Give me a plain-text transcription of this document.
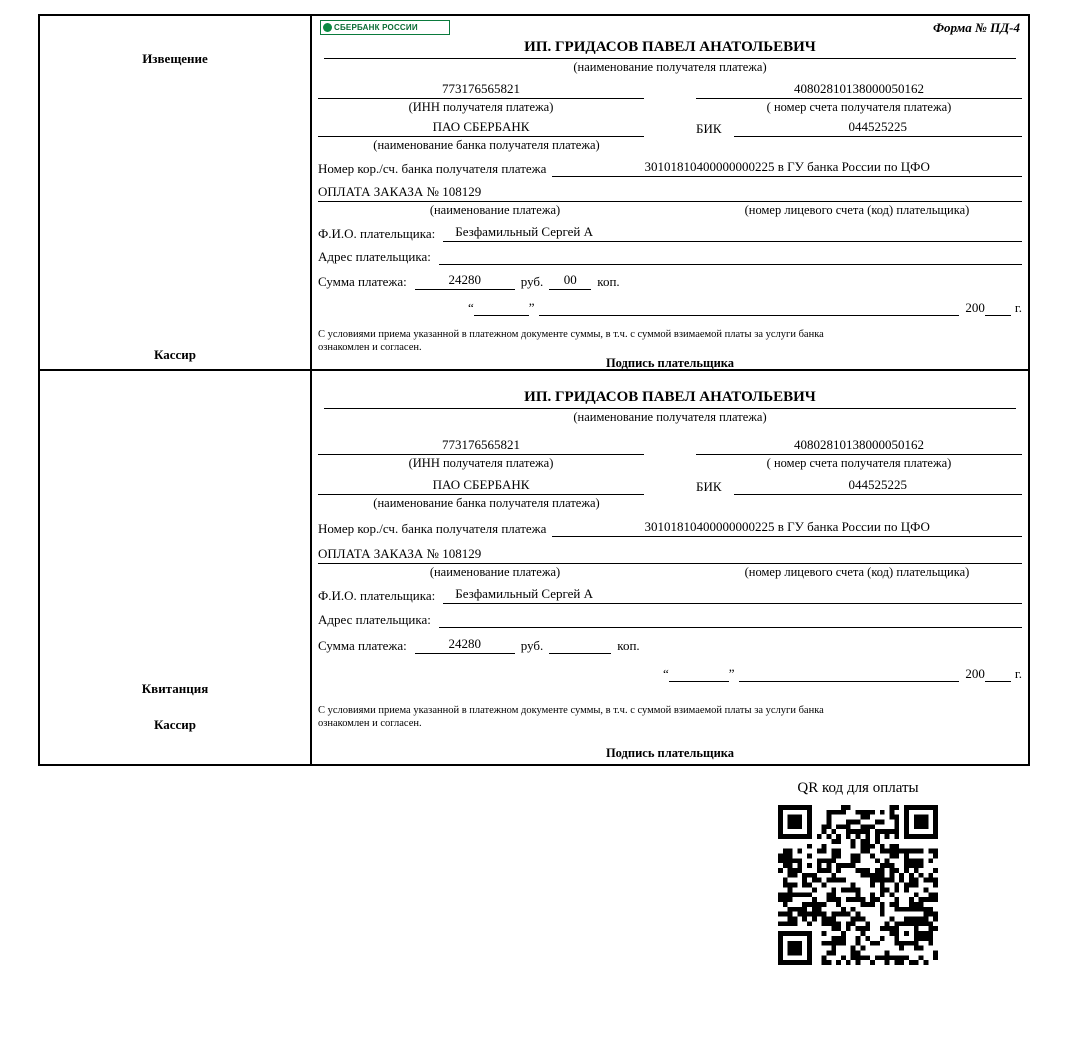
Извещение
Кассир
СБЕРБАНК РОССИИ	Форма № ПД-4
ИП. ГРИДАСОВ ПАВЕЛ АНАТОЛЬЕВИЧ
(наименование получателя платежа)
773176565821
(ИНН получателя платежа)
40802810138000050162
( номер счета получателя платежа)
ПАО СБЕРБАНК	БИК	044525225
(наименование банка получателя платежа)
Номер кор./сч. банка получателя платежа	30101810400000000225 в ГУ банка России по ЦФО
ОПЛАТА ЗАКАЗА № 108129
(наименование платежа)	(номер лицевого счета (код) плательщика)
Ф.И.О. плательщика:	Безфамильный Сергей А
Адрес плательщика:
Сумма платежа:	24280	руб.	00	коп.
“	”	200 г.
С условиями приема указанной в платежном документе суммы, в т.ч. с суммой взимаемой платы за услуги банка
ознакомлен и согласен.
Подпись плательщика
Квитанция
Кассир
ИП. ГРИДАСОВ ПАВЕЛ АНАТОЛЬЕВИЧ
(наименование получателя платежа)
773176565821
(ИНН получателя платежа)
40802810138000050162
( номер счета получателя платежа)
ПАО СБЕРБАНК	БИК	044525225
(наименование банка получателя платежа)
Номер кор./сч. банка получателя платежа	30101810400000000225 в ГУ банка России по ЦФО
ОПЛАТА ЗАКАЗА № 108129
(наименование платежа)	(номер лицевого счета (код) плательщика)
Ф.И.О. плательщика:	Безфамильный Сергей А
Адрес плательщика:
Сумма платежа:	24280	руб.	коп.
“	”	200 г.
С условиями приема указанной в платежном документе суммы, в т.ч. с суммой взимаемой платы за услуги банка
ознакомлен и согласен.
Подпись плательщика
QR код для оплаты
